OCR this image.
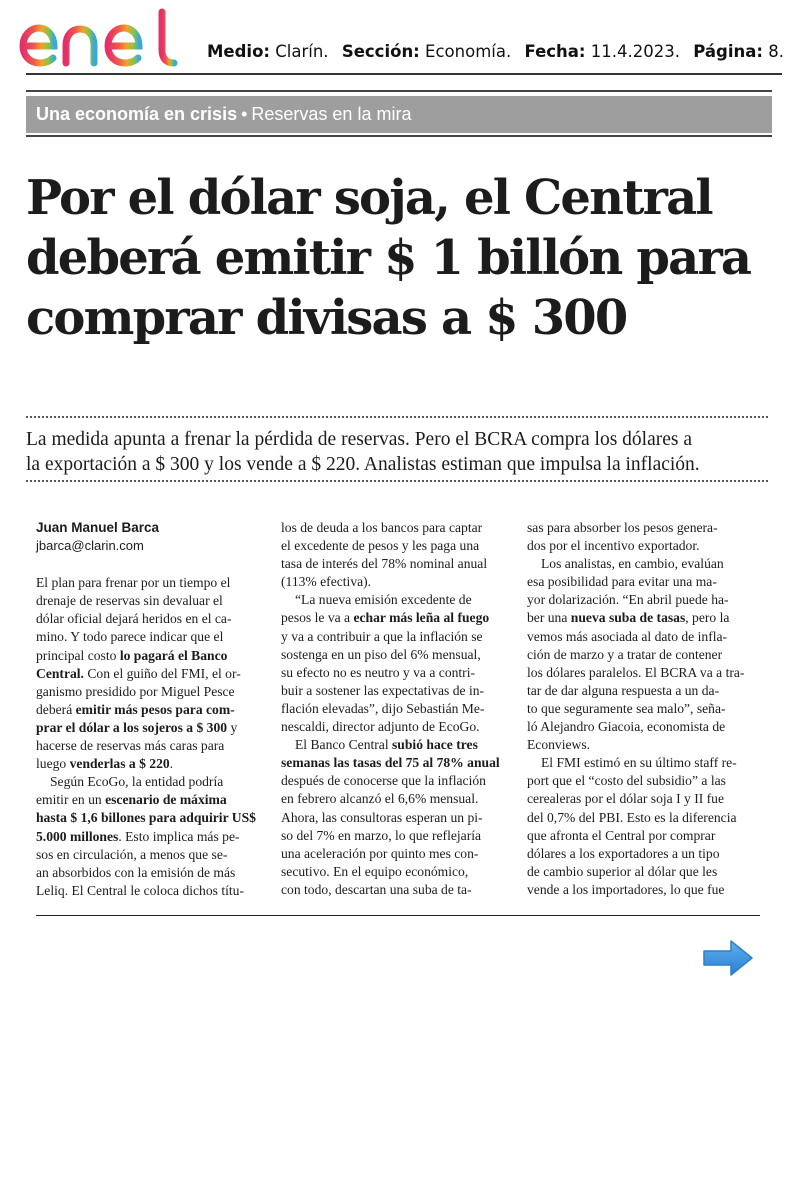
Medio: Clarín. Sección: Economía. Fecha: 11.4.2023. Página: 8.
Una economía en crisis • Reservas en la mira
Por el dólar soja, el Central
deberá emitir $ 1 billón para
comprar divisas a $ 300
La medida apunta a frenar la pérdida de reservas. Pero el BCRA compra los dólares a
la exportación a $ 300 y los vende a $ 220. Analistas estiman que impulsa la inflación.
Juan Manuel Barca
jbarca@clarin.com

El plan para frenar por un tiempo el
drenaje de reservas sin devaluar el
dólar oficial dejará heridos en el ca-
mino. Y todo parece indicar que el
principal costo lo pagará el Banco
Central. Con el guiño del FMI, el or-
ganismo presidido por Miguel Pesce
deberá emitir más pesos para com-
prar el dólar a los sojeros a $ 300 y
hacerse de reservas más caras para
luego venderlas a $ 220.

Según EcoGo, la entidad podría
emitir en un escenario de máxima
hasta $ 1,6 billones para adquirir US$
5.000 millones. Esto implica más pe-
sos en circulación, a menos que se-
an absorbidos con la emisión de más
Leliq. El Central le coloca dichos títu-

los de deuda a los bancos para captar
el excedente de pesos y les paga una
tasa de interés del 78% nominal anual
(113% efectiva).

“La nueva emisión excedente de
pesos le va a echar más leña al fuego
y va a contribuir a que la inflación se
sostenga en un piso del 6% mensual,
su efecto no es neutro y va a contri-
buir a sostener las expectativas de in-
flación elevadas”, dijo Sebastián Me-
nescaldi, director adjunto de EcoGo.

El Banco Central subió hace tres
semanas las tasas del 75 al 78% anual
después de conocerse que la inflación
en febrero alcanzó el 6,6% mensual.
Ahora, las consultoras esperan un pi-
so del 7% en marzo, lo que reflejaría
una aceleración por quinto mes con-
secutivo. En el equipo económico,
con todo, descartan una suba de ta-

sas para absorber los pesos genera-
dos por el incentivo exportador.

Los analistas, en cambio, evalúan
esa posibilidad para evitar una ma-
yor dolarización. “En abril puede ha-
ber una nueva suba de tasas, pero la
vemos más asociada al dato de infla-
ción de marzo y a tratar de contener
los dólares paralelos. El BCRA va a tra-
tar de dar alguna respuesta a un da-
to que seguramente sea malo”, seña-
ló Alejandro Giacoia, economista de
Econviews.

El FMI estimó en su último staff re-
port que el “costo del subsidio” a las
cerealeras por el dólar soja I y II fue
del 0,7% del PBI. Esto es la diferencia
que afronta el Central por comprar
dólares a los exportadores a un tipo
de cambio superior al dólar que les
vende a los importadores, lo que fue
